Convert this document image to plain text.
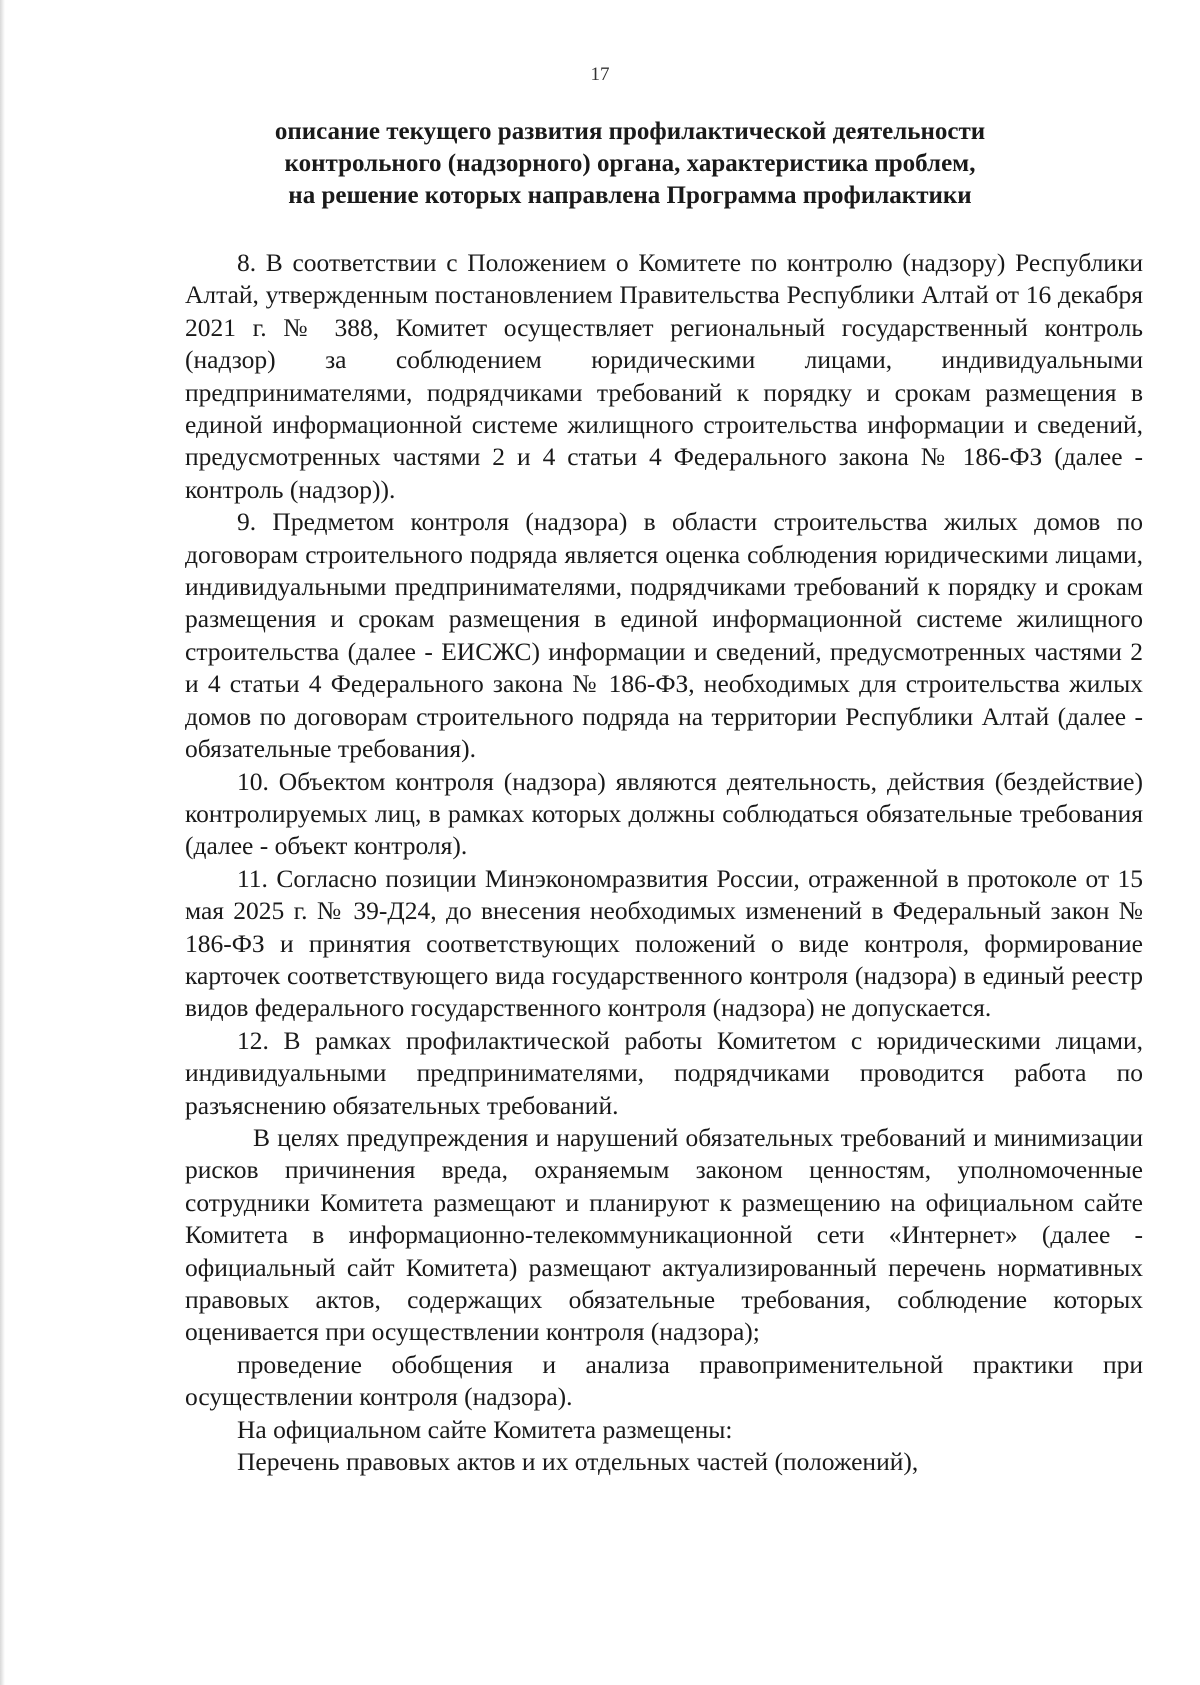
17
описание текущего развития профилактической деятельности
контрольного (надзорного) органа, характеристика проблем,
на решение которых направлена Программа профилактики

8. В соответствии с Положением о Комитете по контролю (надзору) Республики Алтай, утвержденным постановлением Правительства Республики Алтай от 16 декабря 2021 г. № 388, Комитет осуществляет региональный государственный контроль (надзор) за соблюдением юридическими лицами, индивидуальными предпринимателями, подрядчиками требований к порядку и срокам размещения в единой информационной системе жилищного строительства информации и сведений, предусмотренных частями 2 и 4 статьи 4 Федерального закона № 186-ФЗ (далее - контроль (надзор)).

9. Предметом контроля (надзора) в области строительства жилых домов по договорам строительного подряда является оценка соблюдения юридическими лицами, индивидуальными предпринимателями, подрядчиками требований к порядку и срокам размещения и срокам размещения в единой информационной системе жилищного строительства (далее - ЕИСЖС) информации и сведений, предусмотренных частями 2 и 4 статьи 4 Федерального закона № 186-ФЗ, необходимых для строительства жилых домов по договорам строительного подряда на территории Республики Алтай (далее - обязательные требования).

10. Объектом контроля (надзора) являются деятельность, действия (бездействие) контролируемых лиц, в рамках которых должны соблюдаться обязательные требования (далее - объект контроля).

11. Согласно позиции Минэкономразвития России, отраженной в протоколе от 15 мая 2025 г. № 39-Д24, до внесения необходимых изменений в Федеральный закон № 186-ФЗ и принятия соответствующих положений о виде контроля, формирование карточек соответствующего вида государственного контроля (надзора) в единый реестр видов федерального государственного контроля (надзора) не допускается.

12. В рамках профилактической работы Комитетом с юридическими лицами, индивидуальными предпринимателями, подрядчиками проводится работа по разъяснению обязательных требований.

В целях предупреждения и нарушений обязательных требований и минимизации рисков причинения вреда, охраняемым законом ценностям, уполномоченные сотрудники Комитета размещают и планируют к размещению на официальном сайте Комитета в информационно-телекоммуникационной сети «Интернет» (далее - официальный сайт Комитета) размещают актуализированный перечень нормативных правовых актов, содержащих обязательные требования, соблюдение которых оценивается при осуществлении контроля (надзора);

проведение обобщения и анализа правоприменительной практики при осуществлении контроля (надзора).

На официальном сайте Комитета размещены:

Перечень правовых актов и их отдельных частей (положений),
